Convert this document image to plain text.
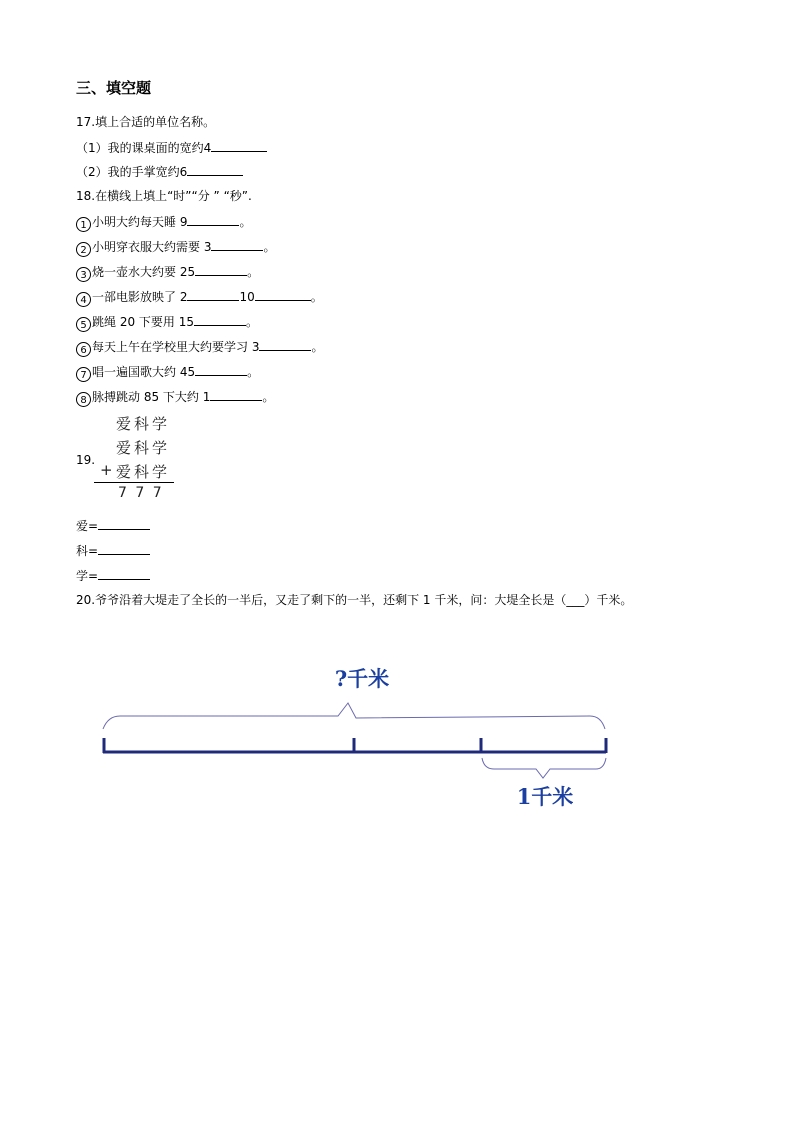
三、填空题
17.填上合适的单位名称。
（1）我的课桌面的宽约4
（2）我的手掌宽约6
18.在横线上填上“时”“分 ” “秒”.
1 小明大约每天睡 9	。
2 小明穿衣服大约需要 3	。
3 烧一壶水大约要 25	。
4 一部电影放映了 2	10	。
5 跳绳 20 下要用 15	。
6 每天上午在学校里大约要学习 3	。
7 唱一遍国歌大约 45	。
8 脉搏跳动 85 下大约 1	。
19.
爱科学
爱科学
+ 爱科学
7 7 7
爱=
科=
学=
20.爷爷沿着大堤走了全长的一半后，又走了剩下的一半，还剩下 1 千米，问：大堤全长是（___）千米。
?千米
1千米
